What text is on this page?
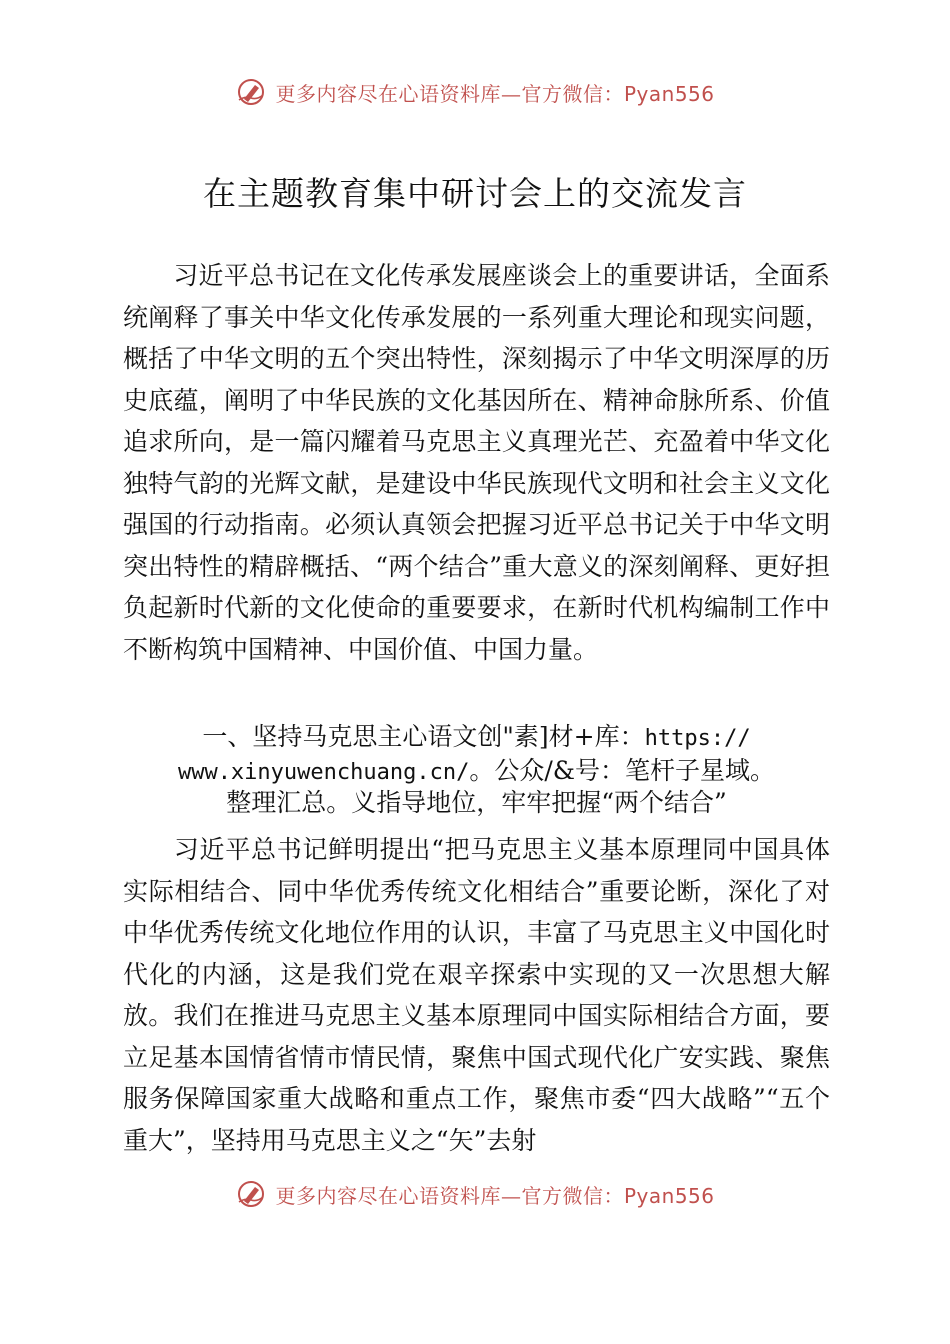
更多内容尽在心语资料库—官方微信：Pyan556
在主题教育集中研讨会上的交流发言

习近平总书记在文化传承发展座谈会上的重要讲话，全面系统阐释了事关中华文化传承发展的一系列重大理论和现实问题，概括了中华文明的五个突出特性，深刻揭示了中华文明深厚的历史底蕴，阐明了中华民族的文化基因所在、精神命脉所系、价值追求所向，是一篇闪耀着马克思主义真理光芒、充盈着中华文化独特气韵的光辉文献，是建设中华民族现代文明和社会主义文化强国的行动指南。必须认真领会把握习近平总书记关于中华文明突出特性的精辟概括、“两个结合”重大意义的深刻阐释、更好担负起新时代新的文化使命的重要要求，在新时代机构编制工作中不断构筑中国精神、中国价值、中国力量。

一、坚持马克思主心语文创"素]材+库：https://
www.xinyuwenchuang.cn/。公众/&号：笔杆子星域。
整理汇总。义指导地位，牢牢把握“两个结合”

习近平总书记鲜明提出“把马克思主义基本原理同中国具体实际相结合、同中华优秀传统文化相结合”重要论断，深化了对中华优秀传统文化地位作用的认识，丰富了马克思主义中国化时代化的内涵，这是我们党在艰辛探索中实现的又一次思想大解放。我们在推进马克思主义基本原理同中国实际相结合方面，要立足基本国情省情市情民情，聚焦中国式现代化广安实践、聚焦服务保障国家重大战略和重点工作，聚焦市委“四大战略”“五个重大”，坚持用马克思主义之“矢”去射

更多内容尽在心语资料库—官方微信：Pyan556
